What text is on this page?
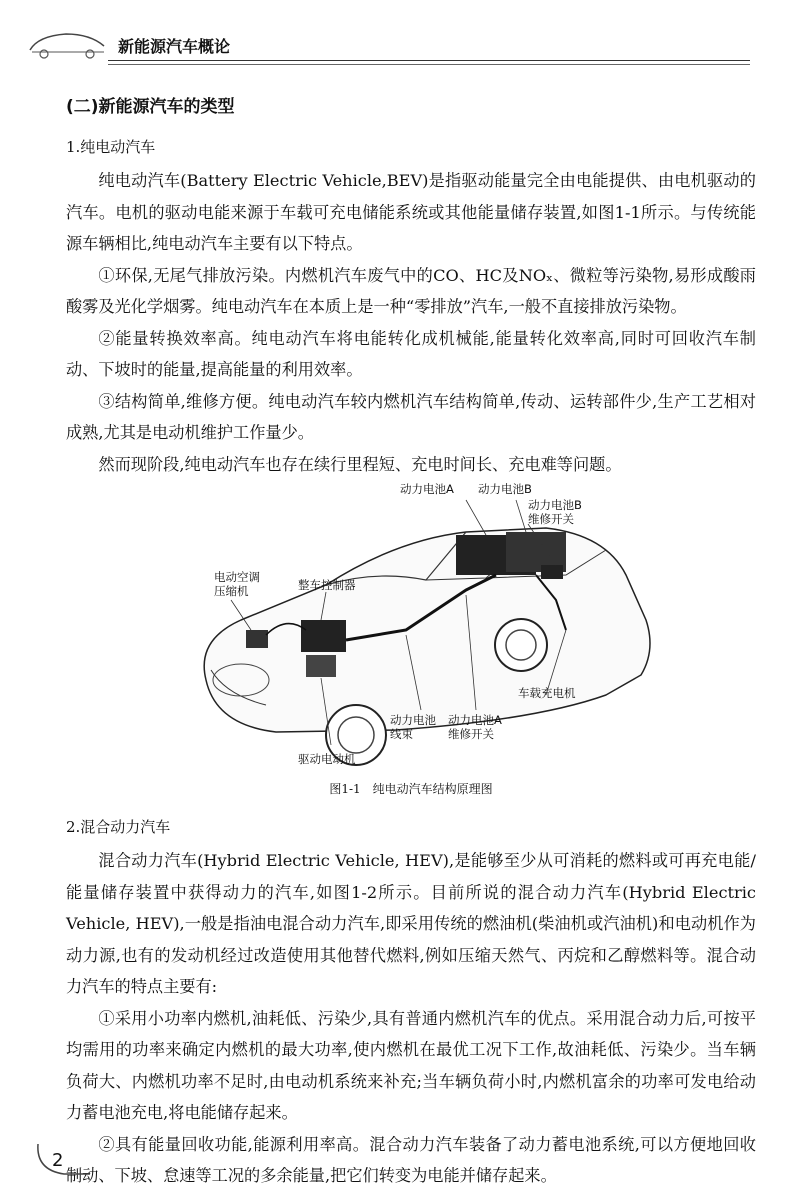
新能源汽车概论
(二)新能源汽车的类型
1.纯电动汽车

纯电动汽车(Battery Electric Vehicle,BEV)是指驱动能量完全由电能提供、由电机驱动的汽车。电机的驱动电能来源于车载可充电储能系统或其他能量储存装置,如图1-1所示。与传统能源车辆相比,纯电动汽车主要有以下特点。

①环保,无尾气排放污染。内燃机汽车废气中的CO、HC及NOₓ、微粒等污染物,易形成酸雨酸雾及光化学烟雾。纯电动汽车在本质上是一种“零排放”汽车,一般不直接排放污染物。

②能量转换效率高。纯电动汽车将电能转化成机械能,能量转化效率高,同时可回收汽车制动、下坡时的能量,提高能量的利用效率。

③结构简单,维修方便。纯电动汽车较内燃机汽车结构简单,传动、运转部件少,生产工艺相对成熟,尤其是电动机维护工作量少。

然而现阶段,纯电动汽车也存在续行里程短、充电时间长、充电难等问题。

动力电池A 动力电池B
动力电池B
维修开关
电动空调
压缩机	整车控制器
动力电池
线束
动力电池A
维修开关
车载充电机
驱动电动机
图1-1　纯电动汽车结构原理图
2.混合动力汽车

混合动力汽车(Hybrid Electric Vehicle, HEV),是能够至少从可消耗的燃料或可再充电能/能量储存装置中获得动力的汽车,如图1-2所示。目前所说的混合动力汽车(Hybrid Electric Vehicle, HEV),一般是指油电混合动力汽车,即采用传统的燃油机(柴油机或汽油机)和电动机作为动力源,也有的发动机经过改造使用其他替代燃料,例如压缩天然气、丙烷和乙醇燃料等。混合动力汽车的特点主要有:

①采用小功率内燃机,油耗低、污染少,具有普通内燃机汽车的优点。采用混合动力后,可按平均需用的功率来确定内燃机的最大功率,使内燃机在最优工况下工作,故油耗低、污染少。当车辆负荷大、内燃机功率不足时,由电动机系统来补充;当车辆负荷小时,内燃机富余的功率可发电给动力蓄电池充电,将电能储存起来。

②具有能量回收功能,能源利用率高。混合动力汽车装备了动力蓄电池系统,可以方便地回收制动、下坡、怠速等工况的多余能量,把它们转变为电能并储存起来。

2
